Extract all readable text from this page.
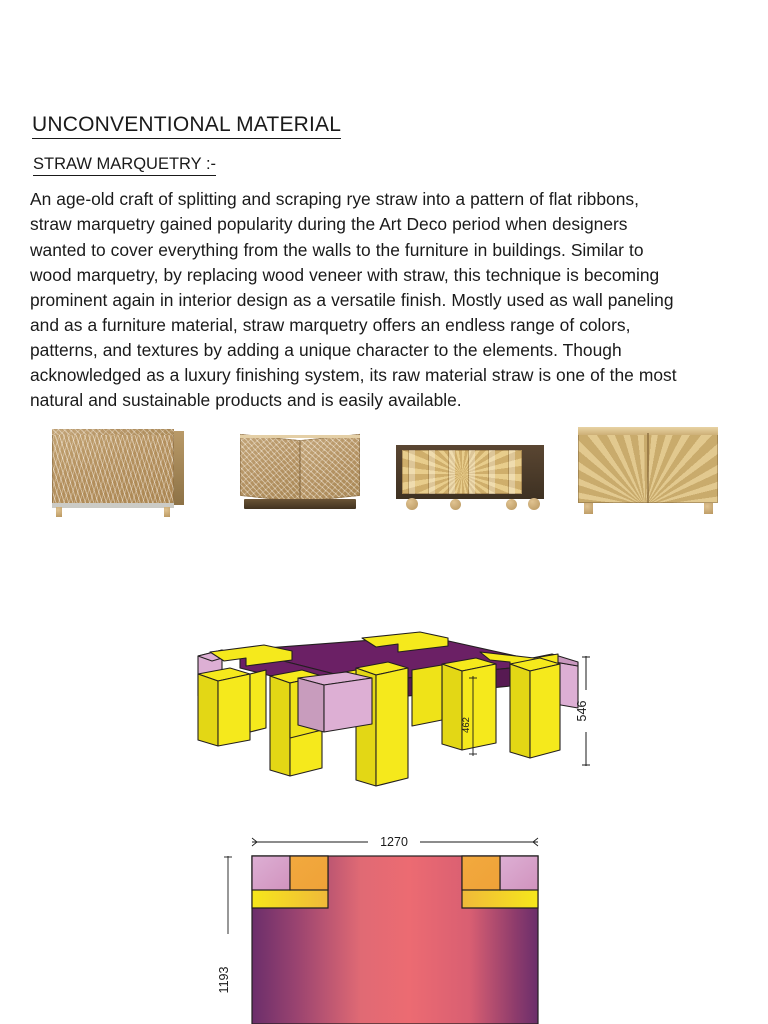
UNCONVENTIONAL MATERIAL
STRAW MARQUETRY :-

An age-old craft of splitting and scraping rye straw into a pattern of flat ribbons, straw marquetry gained popularity during the Art Deco period when designers wanted to cover everything from the walls to the furniture in buildings. Similar to wood marquetry, by replacing wood veneer with straw, this technique is becoming prominent again in interior design as a versatile finish. Mostly used as wall paneling and as a furniture material, straw marquetry offers an endless range of colors, patterns, and textures by adding a unique character to the elements. Though acknowledged as a luxury finishing system, its raw material straw is one of the most natural and sustainable products and is easily available.

462
546
1270
1193
